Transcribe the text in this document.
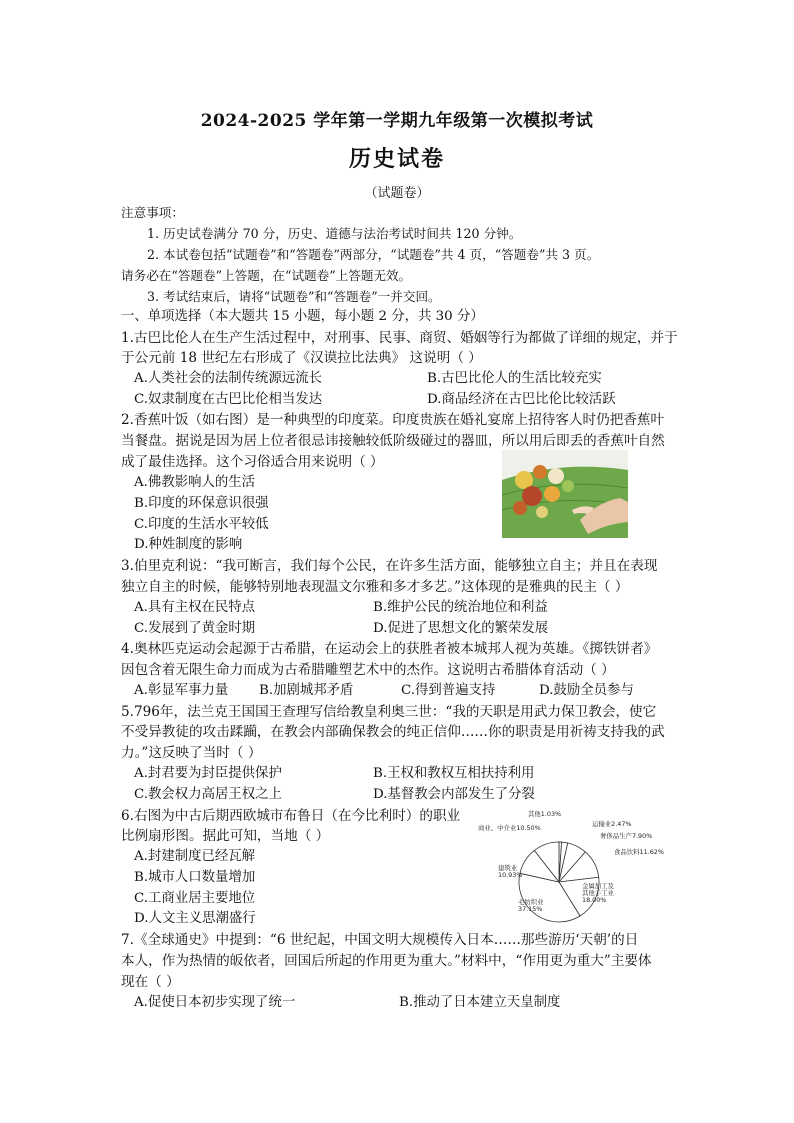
2024-2025 学年第一学期九年级第一次模拟考试
历史试卷
（试题卷）
注意事项：
1. 历史试卷满分 70 分，历史、道德与法治考试时间共 120 分钟。
2. 本试卷包括“试题卷”和“答题卷”两部分，“试题卷”共 4 页，“答题卷”共 3 页。
请务必在“答题卷”上答题，在“试题卷”上答题无效。
3. 考试结束后，请将“试题卷”和“答题卷”一并交回。
一、单项选择（本大题共 15 小题，每小题 2 分，共 30 分）
1.古巴比伦人在生产生活过程中，对刑事、民事、商贸、婚姻等行为都做了详细的规定，并于
于公元前 18 世纪左右形成了《汉谟拉比法典》 这说明（ ）
A.人类社会的法制传统源远流长	B.古巴比伦人的生活比较充实
C.奴隶制度在古巴比伦相当发达	D.商品经济在古巴比伦比较活跃
2.香蕉叶饭（如右图）是一种典型的印度菜。印度贵族在婚礼宴席上招待客人时仍把香蕉叶
当餐盘。据说是因为居上位者很忌讳接触较低阶级碰过的器皿，所以用后即丢的香蕉叶自然
成了最佳选择。这个习俗适合用来说明（ ）
A.佛教影响人的生活
B.印度的环保意识很强
C.印度的生活水平较低
D.种姓制度的影响
3.伯里克利说：“我可断言，我们每个公民，在许多生活方面，能够独立自主；并且在表现
独立自主的时候，能够特别地表现温文尔雅和多才多艺。”这体现的是雅典的民主（ ）
A.具有主权在民特点	B.维护公民的统治地位和利益
C.发展到了黄金时期	D.促进了思想文化的繁荣发展
4.奥林匹克运动会起源于古希腊，在运动会上的获胜者被本城邦人视为英雄。《掷铁饼者》
因包含着无限生命力而成为古希腊雕塑艺术中的杰作。这说明古希腊体育活动（ ）
A.彰显军事力量 B.加剧城邦矛盾	C.得到普遍支持	D.鼓励全员参与
5.796年，法兰克王国国王查理写信给教皇利奥三世：“我的天职是用武力保卫教会，使它
不受异教徒的攻击蹂躏，在教会内部确保教会的纯正信仰……你的职责是用祈祷支持我的武
力。”这反映了当时（ ）
A.封君要为封臣提供保护	B.王权和教权互相扶持利用
C.教会权力高居王权之上	D.基督教会内部发生了分裂
6.右图为中古后期西欧城市布鲁日（在今比利时）的职业
比例扇形图。据此可知，当地（ ）
A.封建制度已经瓦解
B.城市人口数量增加
C.工商业居主要地位
D.人文主义思潮盛行
其他1.03%
运输业2.47%
奢侈品生产7.90%
食品饮料11.62%
金属加工及其他手工业 18.00%
毛纺织业 37.15%
建筑业 10.93%
商业、中介业10.50%
7.《全球通史》中提到：“6 世纪起，中国文明大规模传入日本……那些游历‘天朝’的日
本人，作为热情的皈依者，回国后所起的作用更为重大。”材料中，“作用更为重大”主要体
现在（ ）
A.促使日本初步实现了统一	B.推动了日本建立天皇制度
